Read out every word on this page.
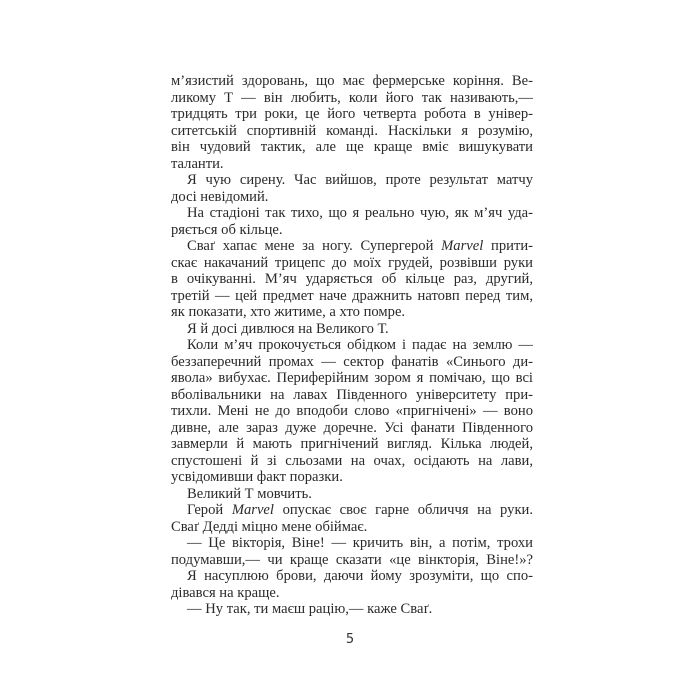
м’язистий здоровань, що має фермерське коріння. Ве-
ликому Т — він любить, коли його так називають,—
тридцять три роки, це його четверта робота в універ-
ситетській спортивній команді. Наскільки я розумію,
він чудовий тактик, але ще краще вміє вишукувати
таланти.
Я чую сирену. Час вийшов, проте результат матчу
досі невідомий.
На стадіоні так тихо, що я реально чую, як м’яч уда-
ряється об кільце.
Сваґ хапає мене за ногу. Супергерой Marvel прити-
скає накачаний трицепс до моїх грудей, розвівши руки
в очікуванні. М’яч ударяється об кільце раз, другий,
третій — цей предмет наче дражнить натовп перед тим,
як показати, хто житиме, а хто помре.
Я й досі дивлюся на Великого Т.
Коли м’яч прокочується обідком і падає на землю —
беззаперечний промах — сектор фанатів «Синього ди-
явола» вибухає. Периферійним зором я помічаю, що всі
вболівальники на лавах Південного університету при-
тихли. Мені не до вподоби слово «пригнічені» — воно
дивне, але зараз дуже доречне. Усі фанати Південного
завмерли й мають пригнічений вигляд. Кілька людей,
спустошені й зі сльозами на очах, осідають на лави,
усвідомивши факт поразки.
Великий Т мовчить.
Герой Marvel опускає своє гарне обличчя на руки.
Сваґ Дедді міцно мене обіймає.
— Це вікторія, Віне! — кричить він, а потім, трохи
подумавши,— чи краще сказати «це вінкторія, Віне!»?
Я насуплюю брови, даючи йому зрозуміти, що спо-
дівався на краще.
— Ну так, ти маєш рацію,— каже Сваґ.
5
